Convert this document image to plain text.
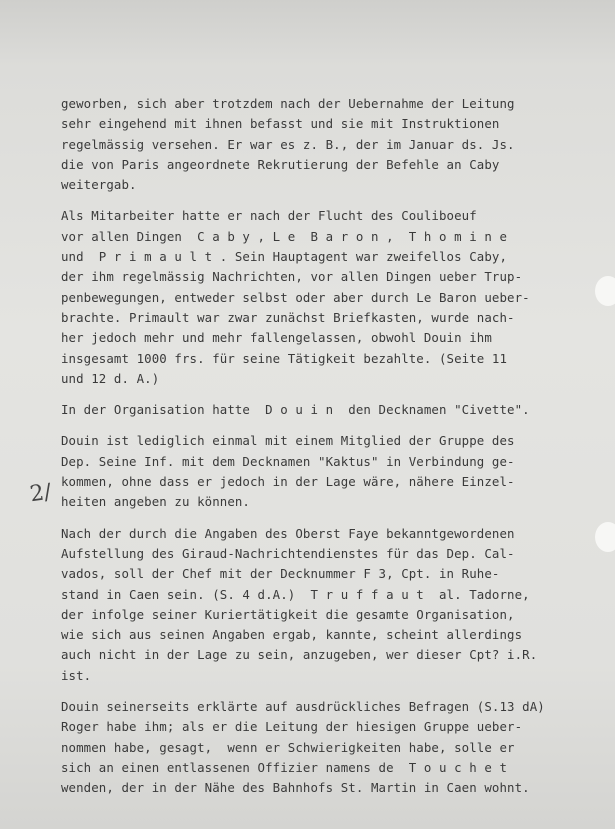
2/
geworben, sich aber trotzdem nach der Uebernahme der Leitung
sehr eingehend mit ihnen befasst und sie mit Instruktionen
regelmässig versehen. Er war es z. B., der im Januar ds. Js.
die von Paris angeordnete Rekrutierung der Befehle an Caby
weitergab.
Als Mitarbeiter hatte er nach der Flucht des Couliboeuf
vor allen Dingen  C a b y , L e  B a r o n ,  T h o m i n e
und  P r i m a u l t . Sein Hauptagent war zweifellos Caby,
der ihm regelmässig Nachrichten, vor allen Dingen ueber Trup-
penbewegungen, entweder selbst oder aber durch Le Baron ueber-
brachte. Primault war zwar zunächst Briefkasten, wurde nach-
her jedoch mehr und mehr fallengelassen, obwohl Douin ihm
insgesamt 1000 frs. für seine Tätigkeit bezahlte. (Seite 11
und 12 d. A.)
In der Organisation hatte  D o u i n  den Decknamen "Civette".
Douin ist lediglich einmal mit einem Mitglied der Gruppe des
Dep. Seine Inf. mit dem Decknamen "Kaktus" in Verbindung ge-
kommen, ohne dass er jedoch in der Lage wäre, nähere Einzel-
heiten angeben zu können.
Nach der durch die Angaben des Oberst Faye bekanntgewordenen
Aufstellung des Giraud-Nachrichtendienstes für das Dep. Cal-
vados, soll der Chef mit der Decknummer F 3, Cpt. in Ruhe-
stand in Caen sein. (S. 4 d.A.)  T r u f f a u t  al. Tadorne,
der infolge seiner Kuriertätigkeit die gesamte Organisation,
wie sich aus seinen Angaben ergab, kannte, scheint allerdings
auch nicht in der Lage zu sein, anzugeben, wer dieser Cpt? i.R.
ist.
Douin seinerseits erklärte auf ausdrückliches Befragen (S.13 dA)
Roger habe ihm; als er die Leitung der hiesigen Gruppe ueber-
nommen habe, gesagt,  wenn er Schwierigkeiten habe, solle er
sich an einen entlassenen Offizier namens de  T o u c h e t
wenden, der in der Nähe des Bahnhofs St. Martin in Caen wohnt.
